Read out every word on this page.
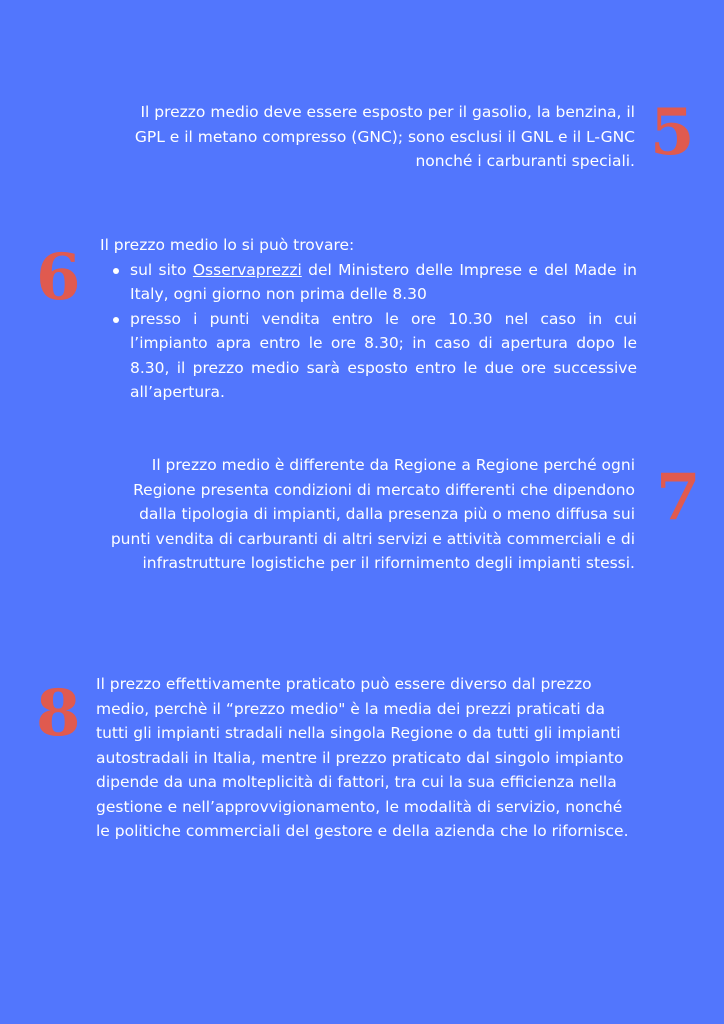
Il prezzo medio deve essere esposto per il gasolio, la benzina, il GPL e il metano compresso (GNC); sono esclusi il GNL e il L-GNC nonché i carburanti speciali. 5
6 Il prezzo medio lo si può trovare:
sul sito Osservaprezzi del Ministero delle Imprese e del Made in Italy, ogni giorno non prima delle 8.30
presso i punti vendita entro le ore 10.30 nel caso in cui l’impianto apra entro le ore 8.30; in caso di apertura dopo le 8.30, il prezzo medio sarà esposto entro le due ore successive all’apertura.

Il prezzo medio è differente da Regione a Regione perché ogni Regione presenta condizioni di mercato differenti che dipendono dalla tipologia di impianti, dalla presenza più o meno diffusa sui punti vendita di carburanti di altri servizi e attività commerciali e di infrastrutture logistiche per il rifornimento degli impianti stessi.

7
8 Il prezzo effettivamente praticato può essere diverso dal prezzo medio, perchè il “prezzo medio" è la media dei prezzi praticati da tutti gli impianti stradali nella singola Regione o da tutti gli impianti autostradali in Italia, mentre il prezzo praticato dal singolo impianto dipende da una molteplicità di fattori, tra cui la sua efficienza nella gestione e nell’approvvigionamento, le modalità di servizio, nonché le politiche commerciali del gestore e della azienda che lo rifornisce.
